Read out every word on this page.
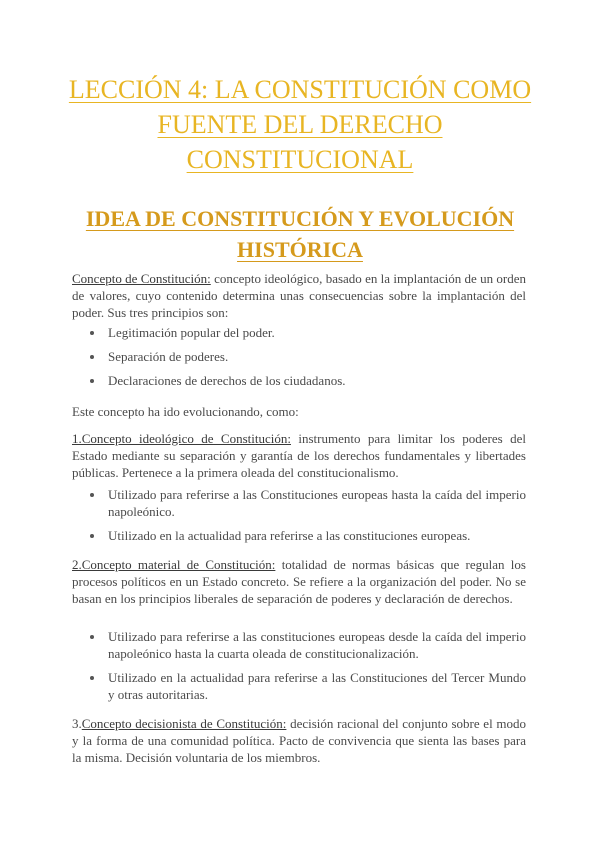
LECCIÓN 4: LA CONSTITUCIÓN COMO FUENTE DEL DERECHO CONSTITUCIONAL
IDEA DE CONSTITUCIÓN Y EVOLUCIÓN HISTÓRICA

Concepto de Constitución: concepto ideológico, basado en la implantación de un orden de valores, cuyo contenido determina unas consecuencias sobre la implantación del poder. Sus tres principios son:

Legitimación popular del poder.
Separación de poderes.
Declaraciones de derechos de los ciudadanos.

Este concepto ha ido evolucionando, como:

1.Concepto ideológico de Constitución: instrumento para limitar los poderes del Estado mediante su separación y garantía de los derechos fundamentales y libertades públicas. Pertenece a la primera oleada del constitucionalismo.

Utilizado para referirse a las Constituciones europeas hasta la caída del imperio napoleónico.
Utilizado en la actualidad para referirse a las constituciones europeas.

2.Concepto material de Constitución: totalidad de normas básicas que regulan los procesos políticos en un Estado concreto. Se refiere a la organización del poder. No se basan en los principios liberales de separación de poderes y declaración de derechos.

Utilizado para referirse a las constituciones europeas desde la caída del imperio napoleónico hasta la cuarta oleada de constitucionalización.
Utilizado en la actualidad para referirse a las Constituciones del Tercer Mundo y otras autoritarias.

3.Concepto decisionista de Constitución: decisión racional del conjunto sobre el modo y la forma de una comunidad política. Pacto de convivencia que sienta las bases para la misma. Decisión voluntaria de los miembros.
